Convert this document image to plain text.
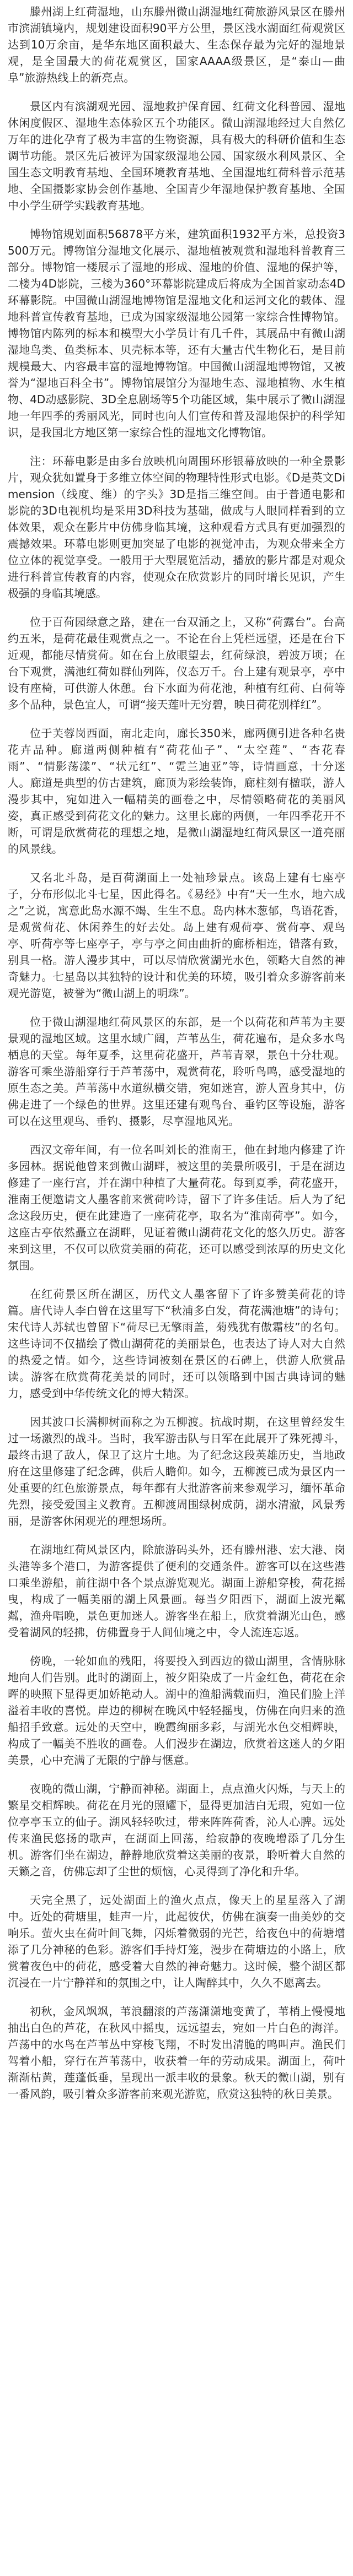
滕州湖上红荷湿地，山东滕州微山湖湿地红荷旅游风景区在滕州市滨湖镇境内，规划建设面积90平方公里，景区浅水湖面红荷观赏区达到10万余亩，是华东地区面积最大、生态保存最为完好的湿地景观，是全国最大的荷花观赏区，国家AAAA级景区，是“泰山—曲阜”旅游热线上的新亮点。

景区内有滨湖观光园、湿地救护保育园、红荷文化科普园、湿地休闲度假区、湿地生态体验区五个功能区。微山湖湿地经过大自然亿万年的进化孕育了极为丰富的生物资源，具有极大的科研价值和生态调节功能。景区先后被评为国家级湿地公园、国家级水利风景区、全国生态文明教育基地、全国环境教育基地、全国湿地红荷科普示范基地、全国摄影家协会创作基地、全国青少年湿地保护教育基地、全国中小学生研学实践教育基地。

博物馆规划面积56878平方米，建筑面积1932平方米，总投资3500万元。博物馆分湿地文化展示、湿地植被观赏和湿地科普教育三部分。博物馆一楼展示了湿地的形成、湿地的价值、湿地的保护等，二楼为4D影院，三楼为360°环幕影院建成后将成为全国首家动态4D环幕影院。中国微山湖湿地博物馆是湿地文化和运河文化的载体、湿地科普宣传教育基地，已成为国家级湿地公园第一家综合性博物馆。博物馆内陈列的标本和模型大小学员计有几千件，其展品中有微山湖湿地鸟类、鱼类标本、贝壳标本等，还有大量古代生物化石，是目前规模最大、内容最丰富的湿地博物馆。中国微山湖湿地博物馆，又被誉为“湿地百科全书”。博物馆展馆分为湿地生态、湿地植物、水生植物、4D动感影院、3D全息剧场等5个功能区域，集中展示了微山湖湿地一年四季的秀丽风光，同时也向人们宣传和普及湿地保护的科学知识，是我国北方地区第一家综合性的湿地文化博物馆。

注：环幕电影是由多台放映机向周围环形银幕放映的一种全景影片，观众犹如置身于多维立体空间的物理特性形式电影。《D是英文Dimension（线度、维）的字头》3D是指三维空间。由于普通电影和影院的3D电视机均是采用3D科技为基础，做成与人眼同样看到的立体效果，观众在影片中仿佛身临其境，这种观看方式具有更加强烈的震撼效果。环幕电影则更加突显了电影的视觉冲击，为观众带来全方位立体的视觉享受。一般用于大型展览活动，播放的影片都是对观众进行科普宣传教育的内容，使观众在欣赏影片的同时增长见识，产生极强的身临其境感。

位于百荷园绿意之路，建在一台双涌之上，又称“荷露台”。台高约五米，是荷花最佳观赏点之一。不论在台上凭栏远望，还是在台下近观，都能尽情赏荷。如在台上放眼望去，红荷绿浪，碧波万顷；在台下观赏，满池红荷如群仙列阵，仪态万千。台上建有观景亭，亭中设有座椅，可供游人休憩。台下水面为荷花池，种植有红荷、白荷等多个品种，景色宜人，可谓“接天莲叶无穷碧，映日荷花别样红”。

位于芙蓉岗西面，南北走向，廊长350米，廊两侧引进各种名贵花卉品种。廊道两侧种植有“荷花仙子”、“太空莲”、“杏花春雨”、“情影荡漾”、“状元红”、“霓兰迪亚”等，诗情画意，十分迷人。廊道是典型的仿古建筑，廊顶为彩绘装饰，廊柱刻有楹联，游人漫步其中，宛如进入一幅精美的画卷之中，尽情领略荷花的美丽风姿，真正感受到荷花文化的魅力。这里长廊的两侧，一年四季花开不断，可谓是欣赏荷花的理想之地，是微山湖湿地红荷风景区一道亮丽的风景线。

又名北斗岛，是百荷湖面上一处袖珍景点。该岛上建有七座亭子，分布形似北斗七星，因此得名。《易经》中有“天一生水，地六成之”之说，寓意此岛水源不竭、生生不息。岛内林木葱郁，鸟语花香，是观赏荷花、休闲养生的好去处。岛上建有观荷亭、赏荷亭、观鸟亭、听荷亭等七座亭子，亭与亭之间由曲折的廊桥相连，错落有致，别具一格。游人漫步其中，可以尽情欣赏湖光水色，领略大自然的神奇魅力。七星岛以其独特的设计和优美的环境，吸引着众多游客前来观光游览，被誉为“微山湖上的明珠”。

位于微山湖湿地红荷风景区的东部，是一个以荷花和芦苇为主要景观的湿地区域。这里水域广阔，芦苇丛生，荷花遍布，是众多水鸟栖息的天堂。每年夏季，这里荷花盛开，芦苇青翠，景色十分壮观。游客可乘坐游船穿行于芦苇荡中，观赏荷花，聆听鸟鸣，感受湿地的原生态之美。芦苇荡中水道纵横交错，宛如迷宫，游人置身其中，仿佛走进了一个绿色的世界。这里还建有观鸟台、垂钓区等设施，游客可以在这里观鸟、垂钓、摄影，尽享湿地风光。

西汉文帝年间，有一位名叫刘长的淮南王，他在封地内修建了许多园林。据说他曾来到微山湖畔，被这里的美景所吸引，于是在湖边修建了一座行宫，并在湖中种植了大量荷花。每到夏季，荷花盛开，淮南王便邀请文人墨客前来赏荷吟诗，留下了许多佳话。后人为了纪念这段历史，便在此建造了一座荷花亭，取名为“淮南荷亭”。如今，这座古亭依然矗立在湖畔，见证着微山湖荷花文化的悠久历史。游客来到这里，不仅可以欣赏美丽的荷花，还可以感受到浓厚的历史文化氛围。

在红荷景区所在湖区，历代文人墨客留下了许多赞美荷花的诗篇。唐代诗人李白曾在这里写下“秋浦多白发，荷花满池塘”的诗句；宋代诗人苏轼也曾留下“荷尽已无擎雨盖，菊残犹有傲霜枝”的名句。这些诗词不仅描绘了微山湖荷花的美丽景色，也表达了诗人对大自然的热爱之情。如今，这些诗词被刻在景区的石碑上，供游人欣赏品读。游客在欣赏荷花美景的同时，还可以领略到中国古典诗词的魅力，感受到中华传统文化的博大精深。

因其波口长满柳树而称之为五柳渡。抗战时期，在这里曾经发生过一场激烈的战斗。当时，我军游击队与日军在此展开了殊死搏斗，最终击退了敌人，保卫了这片土地。为了纪念这段英雄历史，当地政府在这里修建了纪念碑，供后人瞻仰。如今，五柳渡已成为景区内一处重要的红色旅游景点，每年都有大批游客前来参观学习，缅怀革命先烈，接受爱国主义教育。五柳渡周围绿树成荫，湖水清澈，风景秀丽，是游客休闲观光的理想场所。

在湖地红荷风景区内，除旅游码头外，还有滕州港、宏大港、岗头港等多个港口，为游客提供了便利的交通条件。游客可以在这些港口乘坐游船，前往湖中各个景点游览观光。湖面上游船穿梭，荷花摇曳，构成了一幅美丽的湖上风景画。每当夕阳西下，湖面上波光粼粼，渔舟唱晚，景色更加迷人。游客坐在船上，欣赏着湖光山色，感受着湖风的轻拂，仿佛置身于人间仙境之中，令人流连忘返。

傍晚，一轮如血的残阳，将要投入到西边的微山湖里，含情脉脉地向人们告别。此时的湖面上，被夕阳染成了一片金红色，荷花在余晖的映照下显得更加娇艳动人。湖中的渔船满载而归，渔民们脸上洋溢着丰收的喜悦。岸边的柳树在晚风中轻轻摇曳，仿佛在向归来的渔船招手致意。远处的天空中，晚霞绚丽多彩，与湖光水色交相辉映，构成了一幅美不胜收的画卷。人们漫步在湖边，欣赏着这迷人的夕阳美景，心中充满了无限的宁静与惬意。

夜晚的微山湖，宁静而神秘。湖面上，点点渔火闪烁，与天上的繁星交相辉映。荷花在月光的照耀下，显得更加洁白无瑕，宛如一位位亭亭玉立的仙子。湖风轻轻吹过，带来阵阵荷香，沁人心脾。远处传来渔民悠扬的歌声，在湖面上回荡，给寂静的夜晚增添了几分生机。游客们坐在湖边，静静地欣赏着这美丽的夜景，聆听着大自然的天籁之音，仿佛忘却了尘世的烦恼，心灵得到了净化和升华。

天完全黑了，远处湖面上的渔火点点，像天上的星星落入了湖中。近处的荷塘里，蛙声一片，此起彼伏，仿佛在演奏一曲美妙的交响乐。萤火虫在荷叶间飞舞，闪烁着微弱的光芒，给夜色中的荷塘增添了几分神秘的色彩。游客们手持灯笼，漫步在荷塘边的小路上，欣赏着夜色中的荷花，感受着大自然的神奇魅力。这时候，整个湖区都沉浸在一片宁静祥和的氛围之中，让人陶醉其中，久久不愿离去。

初秋，金风飒飒，苇浪翻滚的芦荡潇潇地变黄了，苇梢上慢慢地抽出白色的芦花，在秋风中摇曳，远远望去，宛如一片白色的海洋。芦荡中的水鸟在芦苇丛中穿梭飞翔，不时发出清脆的鸣叫声。渔民们驾着小船，穿行在芦苇荡中，收获着一年的劳动成果。湖面上，荷叶渐渐枯黄，莲蓬低垂，呈现出一派丰收的景象。秋天的微山湖，别有一番风韵，吸引着众多游客前来观光游览，欣赏这独特的秋日美景。
